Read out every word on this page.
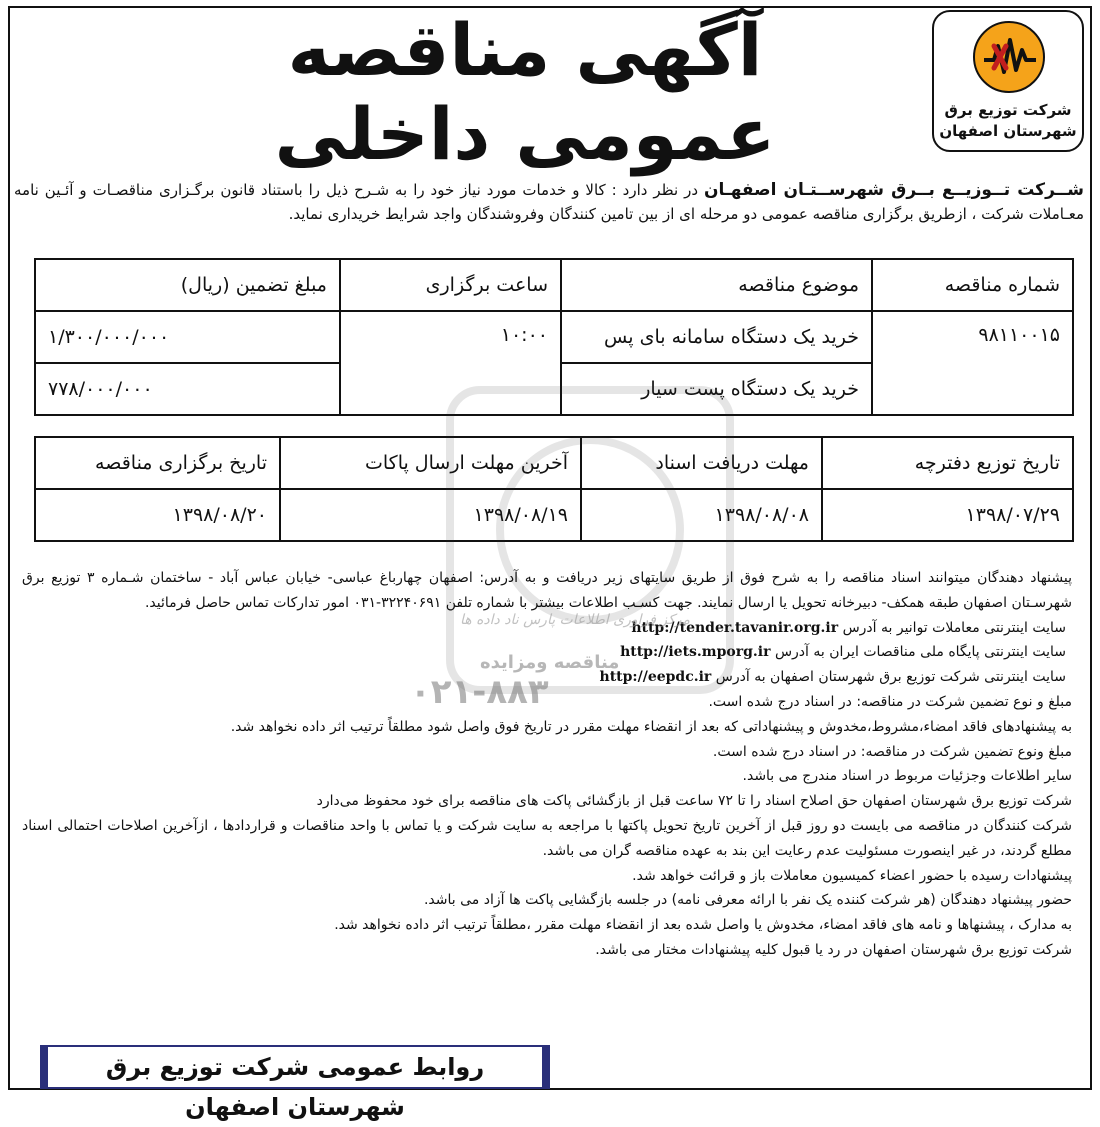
شرکت توزیع برق
شهرستان اصفهان
آگهی مناقصه عمومی داخلی
شــرکت تــوزیــع بــرق شهرســتـان اصفهـان در نظر دارد : کالا و خدمات مورد نیاز خود را به شـرح ذیل را باستناد قانون برگـزاری مناقصـات و آئـین نامه معـاملات شرکت ، ازطریق برگزاری مناقصه عمومی دو مرحله ای از بین تامین کنندگان وفروشندگان واجد شرایط خریداری نماید.
شماره مناقصه	موضوع مناقصه	ساعت برگزاری	مبلغ تضمین (ریال)
۹۸۱۱۰۰۱۵	خرید یک دستگاه سامانه بای پس	۱۰:۰۰	۱/۳۰۰/۰۰۰/۰۰۰
	خرید یک دستگاه پست سیار		۷۷۸/۰۰۰/۰۰۰
تاریخ توزیع دفترچه	مهلت دریافت اسناد	آخرین مهلت ارسال پاکات	تاریخ برگزاری مناقصه
۱۳۹۸/۰۷/۲۹	۱۳۹۸/۰۸/۰۸	۱۳۹۸/۰۸/۱۹	۱۳۹۸/۰۸/۲۰

پیشنهاد دهندگان میتوانند اسناد مناقصه را به شرح فوق از طریق سایتهای زیر دریافت و به آدرس: اصفهان چهارباغ عباسی- خیابان عباس آباد - ساختمان شـماره ۳ توزیع برق شهرسـتان اصفهان طبقه همکف- دبیرخانه تحویل یا ارسال نمایند. جهت کسـب اطلاعات بیشتر با شماره تلفن ۳۲۲۴۰۶۹۱-۰۳۱ امور تدارکات تماس حاصل فرمائید.

سایت اینترنتی معاملات توانیر به آدرس http://tender.tavanir.org.ir

سایت اینترنتی پایگاه ملی مناقصات ایران به آدرس http://iets.mporg.ir

سایت اینترنتی شرکت توزیع برق شهرستان اصفهان به آدرس http://eepdc.ir

مبلغ و نوع تضمین شرکت در مناقصه: در اسناد درج شده است.

به پیشنهادهای فاقد امضاء،مشروط،مخدوش و پیشنهاداتی که بعد از انقضاء مهلت مقرر در تاریخ فوق واصل شود مطلقاً ترتیب اثر داده نخواهد شد.

مبلغ ونوع تضمین شرکت در مناقصه: در اسناد درج شده است.

سایر اطلاعات وجزئیات مربوط در اسناد مندرج می باشد.

شرکت توزیع برق شهرستان اصفهان حق اصلاح اسناد را تا ۷۲ ساعت قبل از بازگشائی پاکت های مناقصه برای خود محفوظ می‌دارد

شرکت کنندگان در مناقصه می بایست دو روز قبل از آخرین تاریخ تحویل پاکتها با مراجعه به سایت شرکت و یا تماس با واحد مناقصات و قراردادها ، ازآخرین اصلاحات احتمالی اسناد مطلع گردند، در غیر اینصورت مسئولیت عدم رعایت این بند به عهده مناقصه گران می باشد.

پیشنهادات رسیده با حضور اعضاء کمیسیون معاملات باز و قرائت خواهد شد.

حضور پیشنهاد دهندگان (هر شرکت کننده یک نفر با ارائه معرفی نامه) در جلسه بازگشایی پاکت ها آزاد می باشد.

به مدارک ، پیشنهاها و نامه های فاقد امضاء، مخدوش یا واصل شده بعد از انقضاء مهلت مقرر ،مطلقاً ترتیب اثر داده نخواهد شد.

شرکت توزیع برق شهرستان اصفهان در رد یا قبول کلیه پیشنهادات مختار می باشد.

مرکز فراوری اطلاعات پارس ناد داده ها
مناقصه ومزایده
۰۲۱-۸۸۳
روابط عمومی شرکت توزیع برق شهرستان اصفهان
